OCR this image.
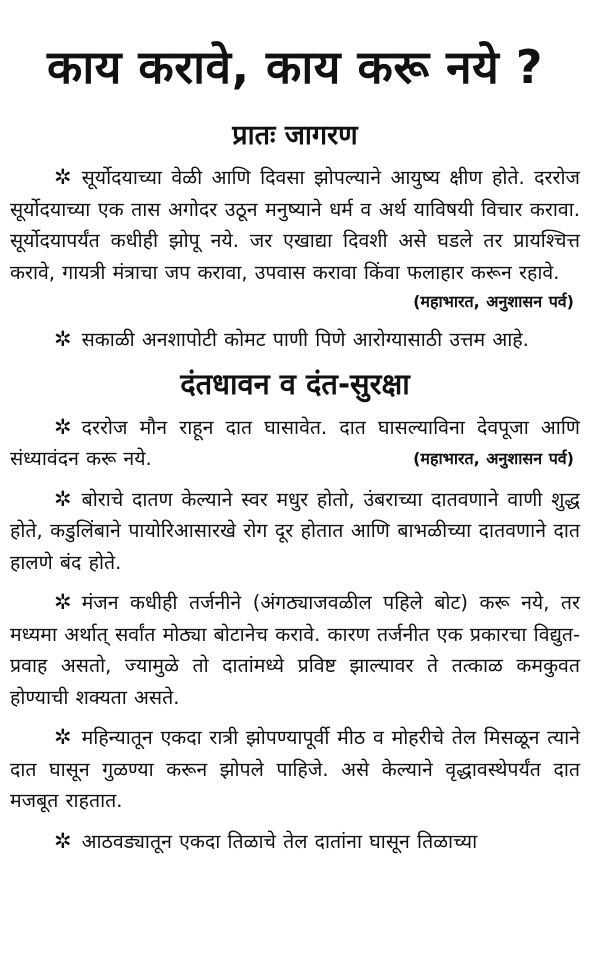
काय करावे, काय करू नये ?
प्रातः जागरण

✲ सूर्योदयाच्या वेळी आणि दिवसा झोपल्याने आयुष्य क्षीण होते. दररोज सूर्योदयाच्या एक तास अगोदर उठून मनुष्याने धर्म व अर्थ याविषयी विचार करावा. सूर्योदयापर्यंत कधीही झोपू नये. जर एखाद्या दिवशी असे घडले तर प्रायश्चित्त करावे, गायत्री मंत्राचा जप करावा, उपवास करावा किंवा फलाहार करून रहावे.
(महाभारत, अनुशासन पर्व)

✲ सकाळी अनशापोटी कोमट पाणी पिणे आरोग्यासाठी उत्तम आहे.

दंतधावन व दंत-सुरक्षा

✲ दररोज मौन राहून दात घासावेत. दात घासल्याविना देवपूजा आणि संध्यावंदन करू नये.	(महाभारत, अनुशासन पर्व)

✲ बोराचे दातण केल्याने स्वर मधुर होतो, उंबराच्या दातवणाने वाणी शुद्ध होते, कडुलिंबाने पायोरिआसारखे रोग दूर होतात आणि बाभळीच्या दातवणाने दात हालणे बंद होते.

✲ मंजन कधीही तर्जनीने (अंगठ्याजवळील पहिले बोट) करू नये, तर मध्यमा अर्थात् सर्वांत मोठ्या बोटानेच करावे. कारण तर्जनीत एक प्रकारचा विद्युत-प्रवाह असतो, ज्यामुळे तो दातांमध्ये प्रविष्ट झाल्यावर ते तत्काळ कमकुवत होण्याची शक्यता असते.

✲ महिन्यातून एकदा रात्री झोपण्यापूर्वी मीठ व मोहरीचे तेल मिसळून त्याने दात घासून गुळण्या करून झोपले पाहिजे. असे केल्याने वृद्धावस्थेपर्यंत दात मजबूत राहतात.

✲ आठवड्यातून एकदा तिळाचे तेल दातांना घासून तिळाच्या
